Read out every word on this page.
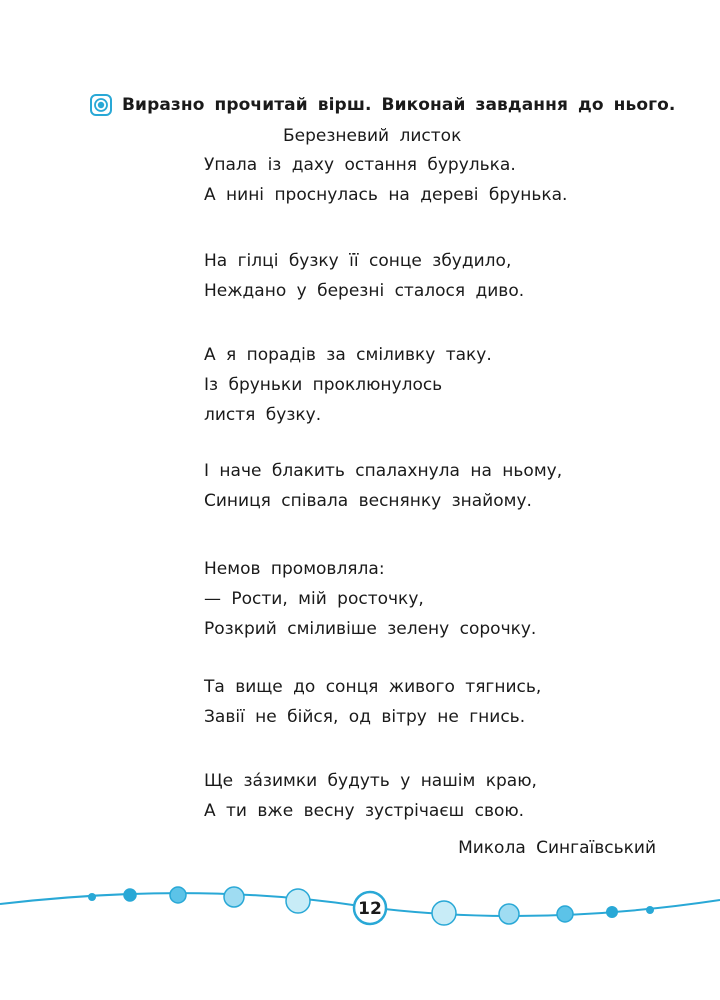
Виразно прочитай вірш. Виконай завдання до нього.
Березневий листок
Упала із даху остання бурулька.
А нині проснулась на дереві брунька.
На гілці бузку її сонце збудило,
Неждано у березні сталося диво.
А я порадів за сміливку таку.
Із бруньки проклюнулось
листя бузку.
І наче блакить спалахнула на ньому,
Синиця співала веснянку знайому.
Немов промовляла:
— Рости, мій росточку,
Розкрий сміливіше зелену сорочку.
Та вище до сонця живого тягнись,
Завії не бійся, од вітру не гнись.
Ще за́зимки будуть у нашім краю,
А ти вже весну зустрічаєш свою.
Микола Сингаївський
12
